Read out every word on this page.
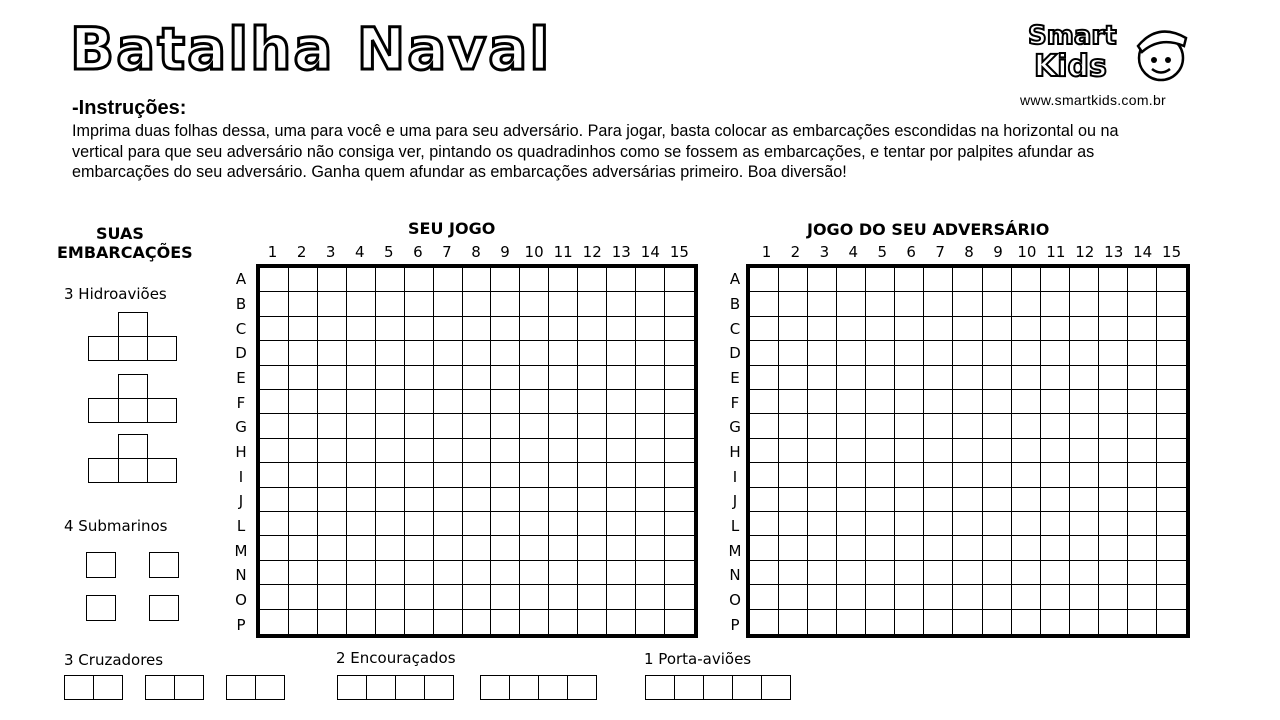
Batalha Naval	Smart
Kids
www.smartkids.com.br
-Instruções:

Imprima duas folhas dessa, uma para você e uma para seu adversário. Para jogar, basta colocar as embarcações escondidas na horizontal ou na vertical para que seu adversário não consiga ver, pintando os quadradinhos como se fossem as embarcações, e tentar por palpites afundar as embarcações do seu adversário. Ganha quem afundar as embarcações adversárias primeiro. Boa diversão!

SUAS
EMBARCAÇÕES
3 Hidroaviões
4 Submarinos
3 Cruzadores	2 Encouraçados	1 Porta-aviões
SEU JOGO
1	2	3	4	5	6	7	8	9 10 11 12 13 14 15
A
B
C
D
E
F
G
H
I
J
L
M
N
O
P
JOGO DO SEU ADVERSÁRIO
1	2	3	4	5	6	7	8	9 10 11 12 13 14 15
A
B
C
D
E
F
G
H
I
J
L
M
N
O
P
